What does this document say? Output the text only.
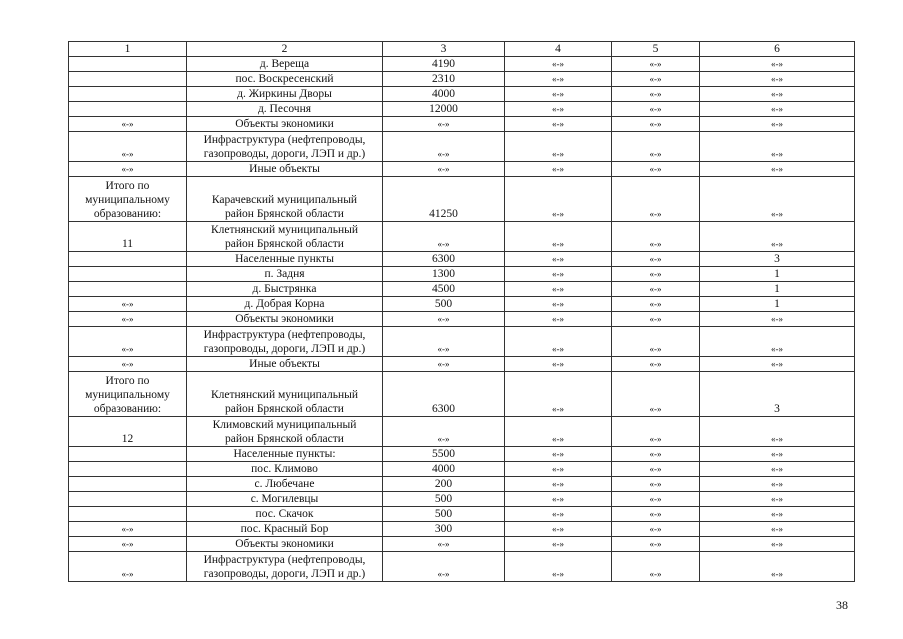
1	2	3	4	5	6
	д. Вереща	4190	«-»	«-»	«-»
	пос. Воскресенский	2310	«-»	«-»	«-»
	д. Жиркины Дворы	4000	«-»	«-»	«-»
	д. Песочня	12000	«-»	«-»	«-»
«-»	Объекты экономики	«-»	«-»	«-»	«-»
«-»	Инфраструктура (нефтепроводы,
газопроводы, дороги, ЛЭП и др.)	«-»	«-»	«-»	«-»
«-»	Иные объекты	«-»	«-»	«-»	«-»
Итого по
муниципальному
образованию:	Карачевский муниципальный
район Брянской области	41250	«-»	«-»	«-»
11	Клетнянский муниципальный
район Брянской области	«-»	«-»	«-»	«-»
	Населенные пункты	6300	«-»	«-»	3
	п. Задня	1300	«-»	«-»	1
	д. Быстрянка	4500	«-»	«-»	1
«-»	д. Добрая Корна	500	«-»	«-»	1
«-»	Объекты экономики	«-»	«-»	«-»	«-»
«-»	Инфраструктура (нефтепроводы,
газопроводы, дороги, ЛЭП и др.)	«-»	«-»	«-»	«-»
«-»	Иные объекты	«-»	«-»	«-»	«-»
Итого по
муниципальному
образованию:	Клетнянский муниципальный
район Брянской области	6300	«-»	«-»	3
12	Климовский муниципальный
район Брянской области	«-»	«-»	«-»	«-»
	Населенные пункты:	5500	«-»	«-»	«-»
	пос. Климово	4000	«-»	«-»	«-»
	с. Любечане	200	«-»	«-»	«-»
	с. Могилевцы	500	«-»	«-»	«-»
	пос. Скачок	500	«-»	«-»	«-»
«-»	пос. Красный Бор	300	«-»	«-»	«-»
«-»	Объекты экономики	«-»	«-»	«-»	«-»
«-»	Инфраструктура (нефтепроводы,
газопроводы, дороги, ЛЭП и др.)	«-»	«-»	«-»	«-»
38
